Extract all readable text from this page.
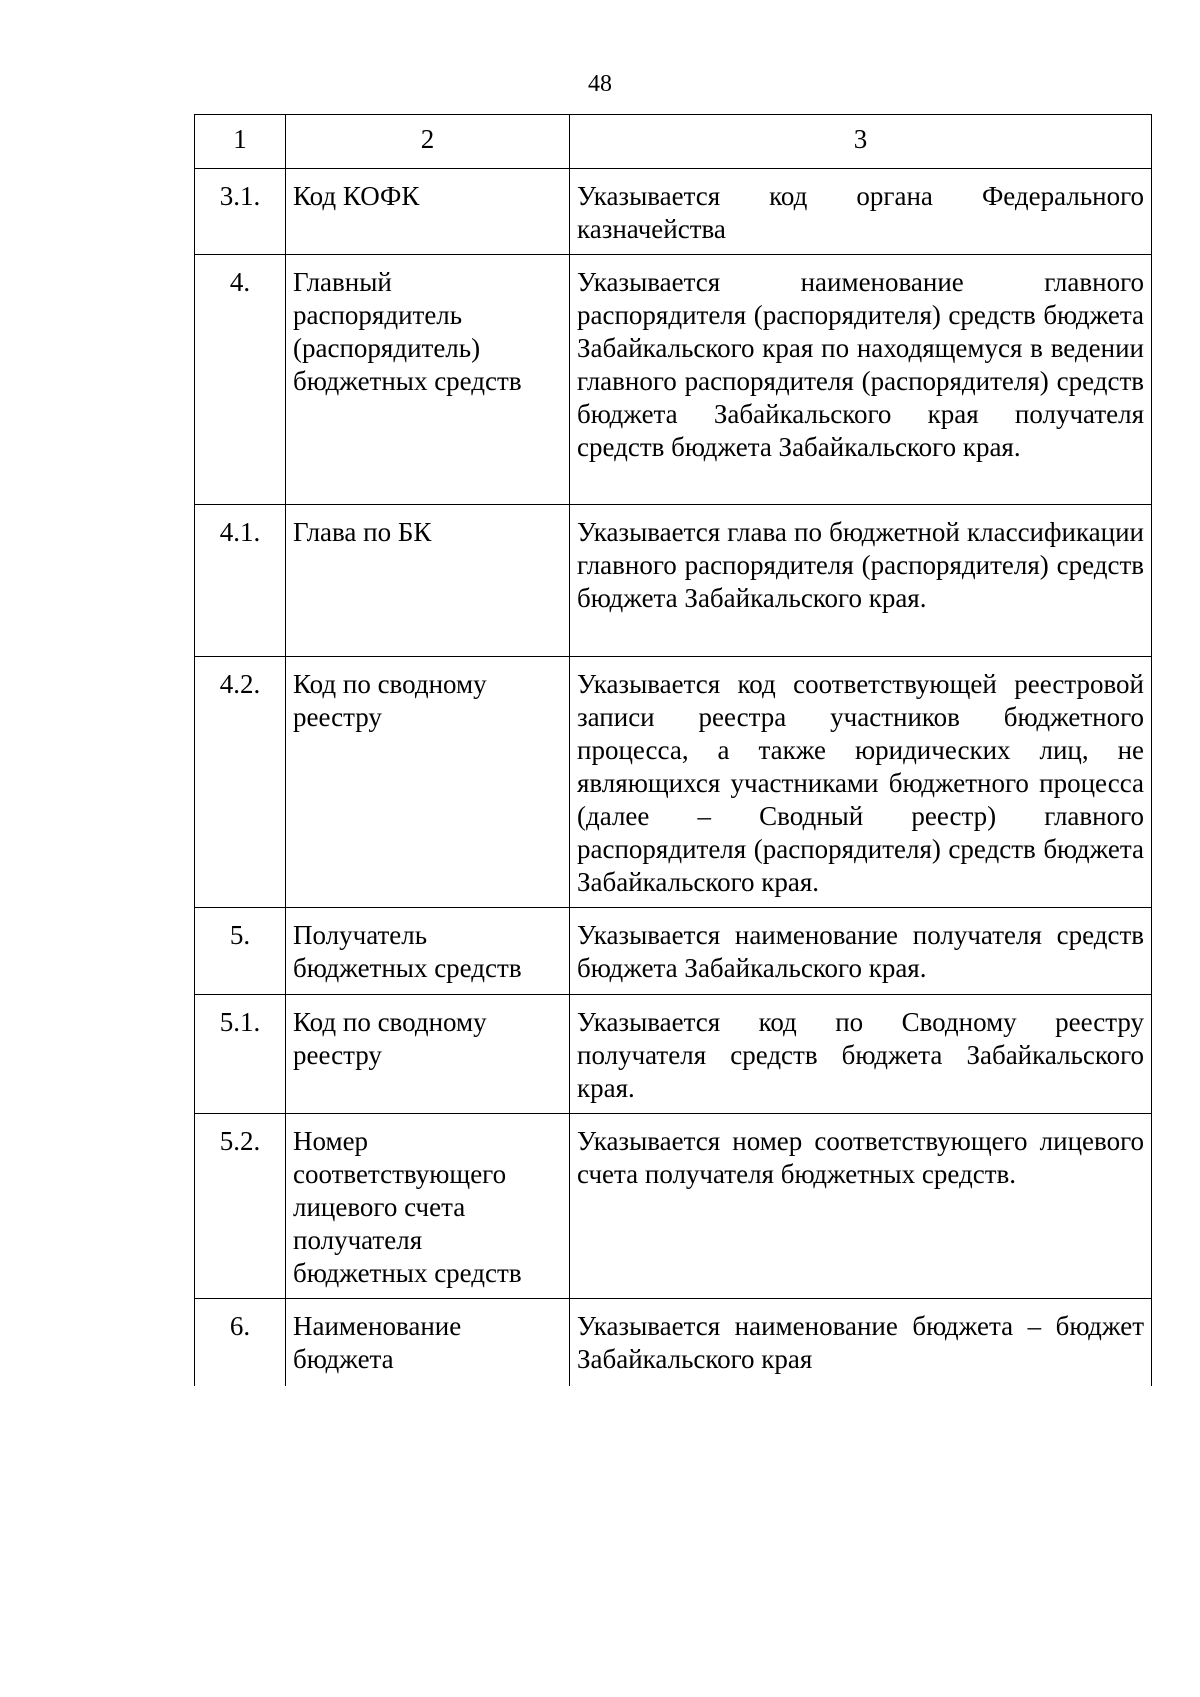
48
1	2	3
3.1.	Код КОФК	Указывается код органа Федерального казначейства
4.	Главный распорядитель (распорядитель) бюджетных средств	Указывается наименование главного распорядителя (распорядителя) средств бюджета Забайкальского края по находящемуся в ведении главного распорядителя (распорядителя) средств бюджета Забайкальского края получателя средств бюджета Забайкальского края.
4.1.	Глава по БК	Указывается глава по бюджетной классификации главного распорядителя (распорядителя) средств бюджета Забайкальского края.
4.2.	Код по сводному реестру	Указывается код соответствующей реестровой записи реестра участников бюджетного процесса, а также юридических лиц, не являющихся участниками бюджетного процесса (далее – Сводный реестр) главного распорядителя (распорядителя) средств бюджета Забайкальского края.
5.	Получатель бюджетных средств	Указывается наименование получателя средств бюджета Забайкальского края.
5.1.	Код по сводному реестру	Указывается код по Сводному реестру получателя средств бюджета Забайкальского края.
5.2.	Номер соответствующего лицевого счета получателя бюджетных средств	Указывается номер соответствующего лицевого счета получателя бюджетных средств.
6.	Наименование бюджета	Указывается наименование бюджета – бюджет Забайкальского края
